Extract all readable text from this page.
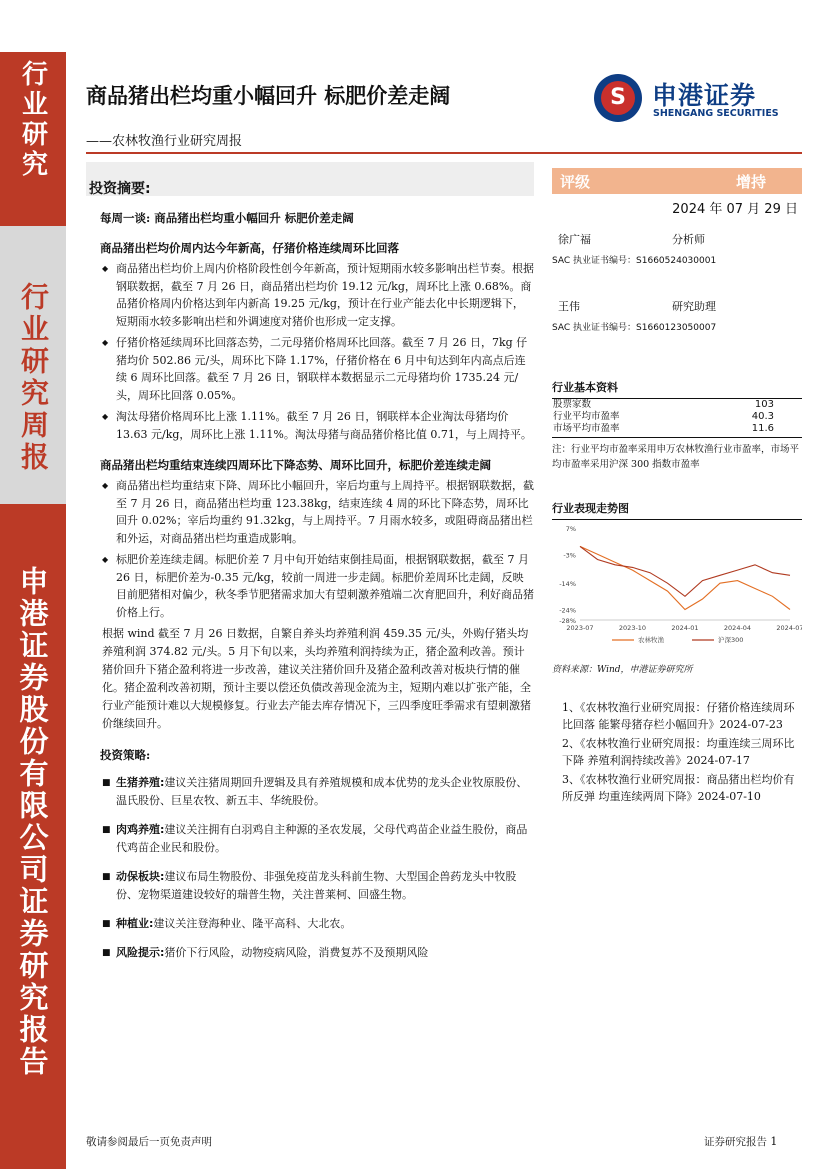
行业研究
行业研究周报
申港证券股份有限公司证券研究报告
商品猪出栏均重小幅回升 标肥价差走阔
——农林牧渔行业研究周报
S	申港证券
SHENGANG SECURITIES
投资摘要:
每周一谈: 商品猪出栏均重小幅回升 标肥价差走阔
商品猪出栏均价周内达今年新高，仔猪价格连续周环比回落
◆ 商品猪出栏均价上周内价格阶段性创今年新高，预计短期雨水较多影响出栏节奏。根据钢联数据，截至 7 月 26 日，商品猪出栏均价 19.12 元/kg，周环比上涨 0.68%。商品猪价格周内价格达到年内新高 19.25 元/kg，预计在行业产能去化中长期逻辑下，短期雨水较多影响出栏和外调速度对猪价也形成一定支撑。
◆ 仔猪价格延续周环比回落态势，二元母猪价格周环比回落。截至 7 月 26 日，7kg 仔猪均价 502.86 元/头，周环比下降 1.17%，仔猪价格在 6 月中旬达到年内高点后连续 6 周环比回落。截至 7 月 26 日，钢联样本数据显示二元母猪均价 1735.24 元/头，周环比回落 0.05%。
◆ 淘汰母猪价格周环比上涨 1.11%。截至 7 月 26 日，钢联样本企业淘汰母猪均价 13.63 元/kg，周环比上涨 1.11%。淘汰母猪与商品猪价格比值 0.71，与上周持平。
商品猪出栏均重结束连续四周环比下降态势、周环比回升，标肥价差连续走阔
◆ 商品猪出栏均重结束下降、周环比小幅回升，宰后均重与上周持平。根据钢联数据，截至 7 月 26 日，商品猪出栏均重 123.38kg，结束连续 4 周的环比下降态势，周环比回升 0.02%；宰后均重约 91.32kg，与上周持平。7 月雨水较多，或阻碍商品猪出栏和外运，对商品猪出栏均重造成影响。
◆ 标肥价差连续走阔。标肥价差 7 月中旬开始结束倒挂局面，根据钢联数据，截至 7 月 26 日，标肥价差为-0.35 元/kg，较前一周进一步走阔。标肥价差周环比走阔，反映目前肥猪相对偏少，秋冬季节肥猪需求加大有望刺激养殖端二次育肥回升，利好商品猪价格上行。
根据 wind 截至 7 月 26 日数据，自繁自养头均养殖利润 459.35 元/头，外购仔猪头均养殖利润 374.82 元/头。5 月下旬以来，头均养殖利润持续为正，猪企盈利改善。预计猪价回升下猪企盈利将进一步改善，建议关注猪价回升及猪企盈利改善对板块行情的催化。猪企盈利改善初期，预计主要以偿还负债改善现金流为主，短期内难以扩张产能，全行业产能预计难以大规模修复。行业去产能去库存情况下，三四季度旺季需求有望刺激猪价继续回升。
投资策略:
■ 生猪养殖:建议关注猪周期回升逻辑及具有养殖规模和成本优势的龙头企业牧原股份、温氏股份、巨星农牧、新五丰、华统股份。
■ 肉鸡养殖:建议关注拥有白羽鸡自主种源的圣农发展，父母代鸡苗企业益生股份，商品代鸡苗企业民和股份。
■ 动保板块:建议布局生物股份、非强免疫苗龙头科前生物、大型国企兽药龙头中牧股份、宠物渠道建设较好的瑞普生物，关注普莱柯、回盛生物。
■ 种植业:建议关注登海种业、隆平高科、大北农。
■ 风险提示:猪价下行风险，动物疫病风险，消费复苏不及预期风险
评级	增持
2024 年 07 月 29 日
徐广福	分析师
SAC 执业证书编号：S1660524030001
王伟	研究助理
SAC 执业证书编号：S1660123050007
行业基本资料
股票家数	103
行业平均市盈率	40.3
市场平均市盈率	11.6
注：行业平均市盈率采用申万农林牧渔行业市盈率，市场平均市盈率采用沪深 300 指数市盈率
行业表现走势图
7%
-3%
-14%
-24%
-28%
2023-07	2023-10	2024-01	2024-04	2024-07
农林牧渔	沪深300
资料来源：Wind，申港证券研究所
1、《农林牧渔行业研究周报：仔猪价格连续周环比回落 能繁母猪存栏小幅回升》2024-07-23
2、《农林牧渔行业研究周报：均重连续三周环比下降 养殖利润持续改善》2024-07-17
3、《农林牧渔行业研究周报：商品猪出栏均价有所反弹 均重连续两周下降》2024-07-10
敬请参阅最后一页免责声明	证券研究报告 1
